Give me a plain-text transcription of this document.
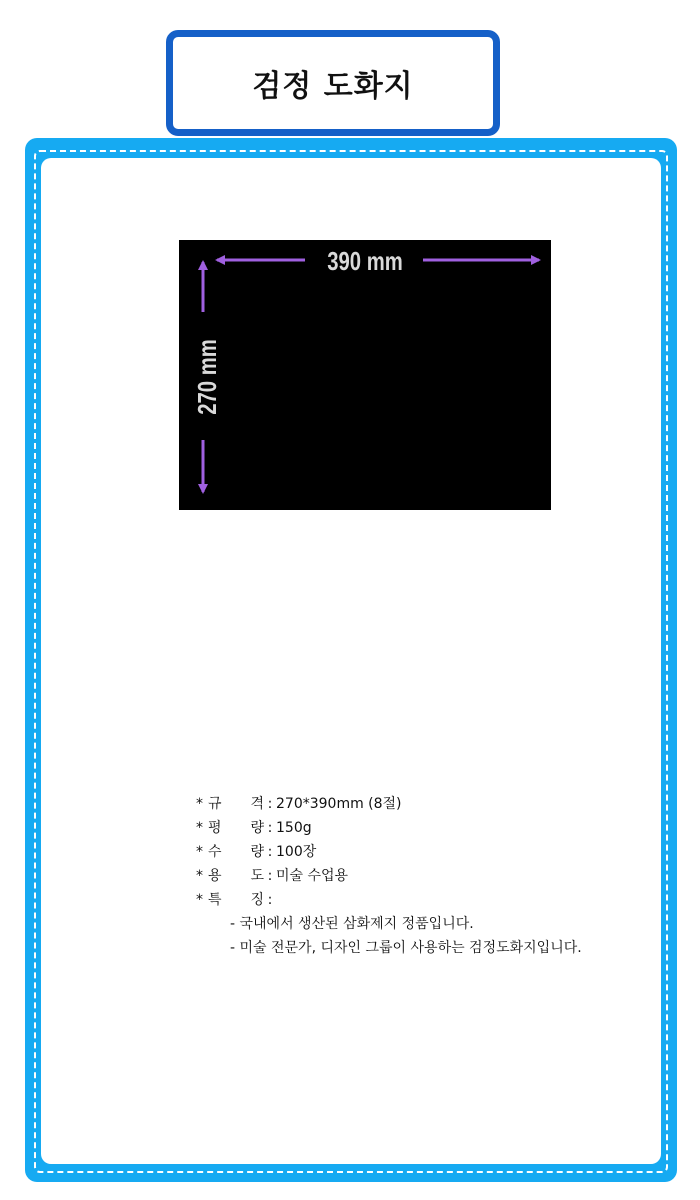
검정 도화지
390 mm
270 mm
* 규 격 : 270*390mm (8절)
* 평 량 : 150g
* 수 량 : 100장
* 용 도 : 미술 수업용
* 특 징 :
- 국내에서 생산된 삼화제지 정품입니다.
- 미술 전문가, 디자인 그룹이 사용하는 검정도화지입니다.
